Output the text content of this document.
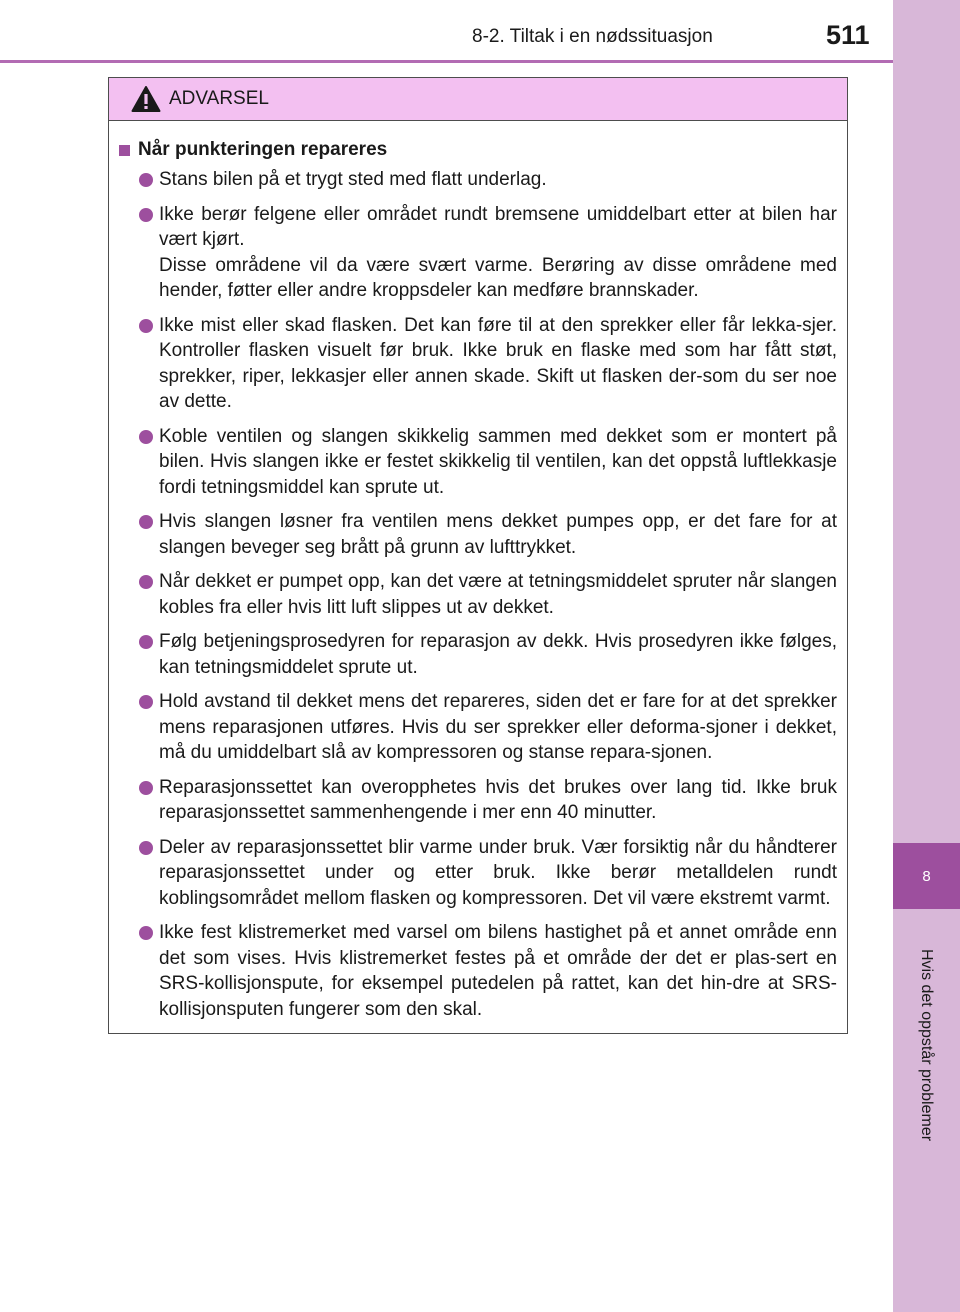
8-2. Tiltak i en nødssituasjon	511
8
Hvis det oppstår problemer
ADVARSEL
Når punkteringen repareres

Stans bilen på et trygt sted med flatt underlag.

Ikke berør felgene eller området rundt bremsene umiddelbart etter at bilen har vært kjørt.
Disse områdene vil da være svært varme. Berøring av disse områdene med hender, føtter eller andre kroppsdeler kan medføre brannskader.

Ikke mist eller skad flasken. Det kan føre til at den sprekker eller får lekka-sjer. Kontroller flasken visuelt før bruk. Ikke bruk en flaske med som har fått støt, sprekker, riper, lekkasjer eller annen skade. Skift ut flasken der-som du ser noe av dette.

Koble ventilen og slangen skikkelig sammen med dekket som er montert på bilen. Hvis slangen ikke er festet skikkelig til ventilen, kan det oppstå luftlekkasje fordi tetningsmiddel kan sprute ut.

Hvis slangen løsner fra ventilen mens dekket pumpes opp, er det fare for at slangen beveger seg brått på grunn av lufttrykket.

Når dekket er pumpet opp, kan det være at tetningsmiddelet spruter når slangen kobles fra eller hvis litt luft slippes ut av dekket.

Følg betjeningsprosedyren for reparasjon av dekk. Hvis prosedyren ikke følges, kan tetningsmiddelet sprute ut.

Hold avstand til dekket mens det repareres, siden det er fare for at det sprekker mens reparasjonen utføres. Hvis du ser sprekker eller deforma-sjoner i dekket, må du umiddelbart slå av kompressoren og stanse repara-sjonen.

Reparasjonssettet kan overopphetes hvis det brukes over lang tid. Ikke bruk reparasjonssettet sammenhengende i mer enn 40 minutter.

Deler av reparasjonssettet blir varme under bruk. Vær forsiktig når du håndterer reparasjonssettet under og etter bruk. Ikke berør metalldelen rundt koblingsområdet mellom flasken og kompressoren. Det vil være ekstremt varmt.

Ikke fest klistremerket med varsel om bilens hastighet på et annet område enn det som vises. Hvis klistremerket festes på et område der det er plas-sert en SRS-kollisjonspute, for eksempel putedelen på rattet, kan det hin-dre at SRS-kollisjonsputen fungerer som den skal.
